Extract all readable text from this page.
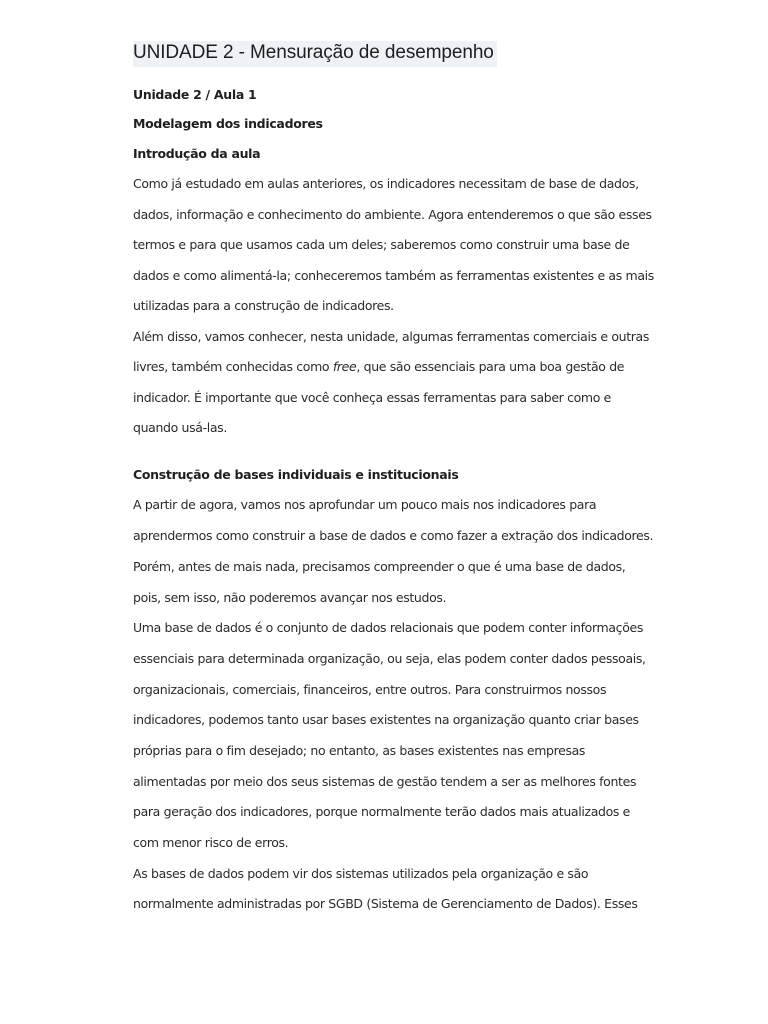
UNIDADE 2 - Mensuração de desempenho

Unidade 2 / Aula 1

Modelagem dos indicadores

Introdução da aula

Como já estudado em aulas anteriores, os indicadores necessitam de base de dados,

dados, informação e conhecimento do ambiente. Agora entenderemos o que são esses

termos e para que usamos cada um deles; saberemos como construir uma base de

dados e como alimentá-la; conheceremos também as ferramentas existentes e as mais

utilizadas para a construção de indicadores.

Além disso, vamos conhecer, nesta unidade, algumas ferramentas comerciais e outras

livres, também conhecidas como free, que são essenciais para uma boa gestão de

indicador. É importante que você conheça essas ferramentas para saber como e

quando usá-las.

Construção de bases individuais e institucionais

A partir de agora, vamos nos aprofundar um pouco mais nos indicadores para

aprendermos como construir a base de dados e como fazer a extração dos indicadores.

Porém, antes de mais nada, precisamos compreender o que é uma base de dados,

pois, sem isso, não poderemos avançar nos estudos.

Uma base de dados é o conjunto de dados relacionais que podem conter informações

essenciais para determinada organização, ou seja, elas podem conter dados pessoais,

organizacionais, comerciais, financeiros, entre outros. Para construirmos nossos

indicadores, podemos tanto usar bases existentes na organização quanto criar bases

próprias para o fim desejado; no entanto, as bases existentes nas empresas

alimentadas por meio dos seus sistemas de gestão tendem a ser as melhores fontes

para geração dos indicadores, porque normalmente terão dados mais atualizados e

com menor risco de erros.

As bases de dados podem vir dos sistemas utilizados pela organização e são

normalmente administradas por SGBD (Sistema de Gerenciamento de Dados). Esses
